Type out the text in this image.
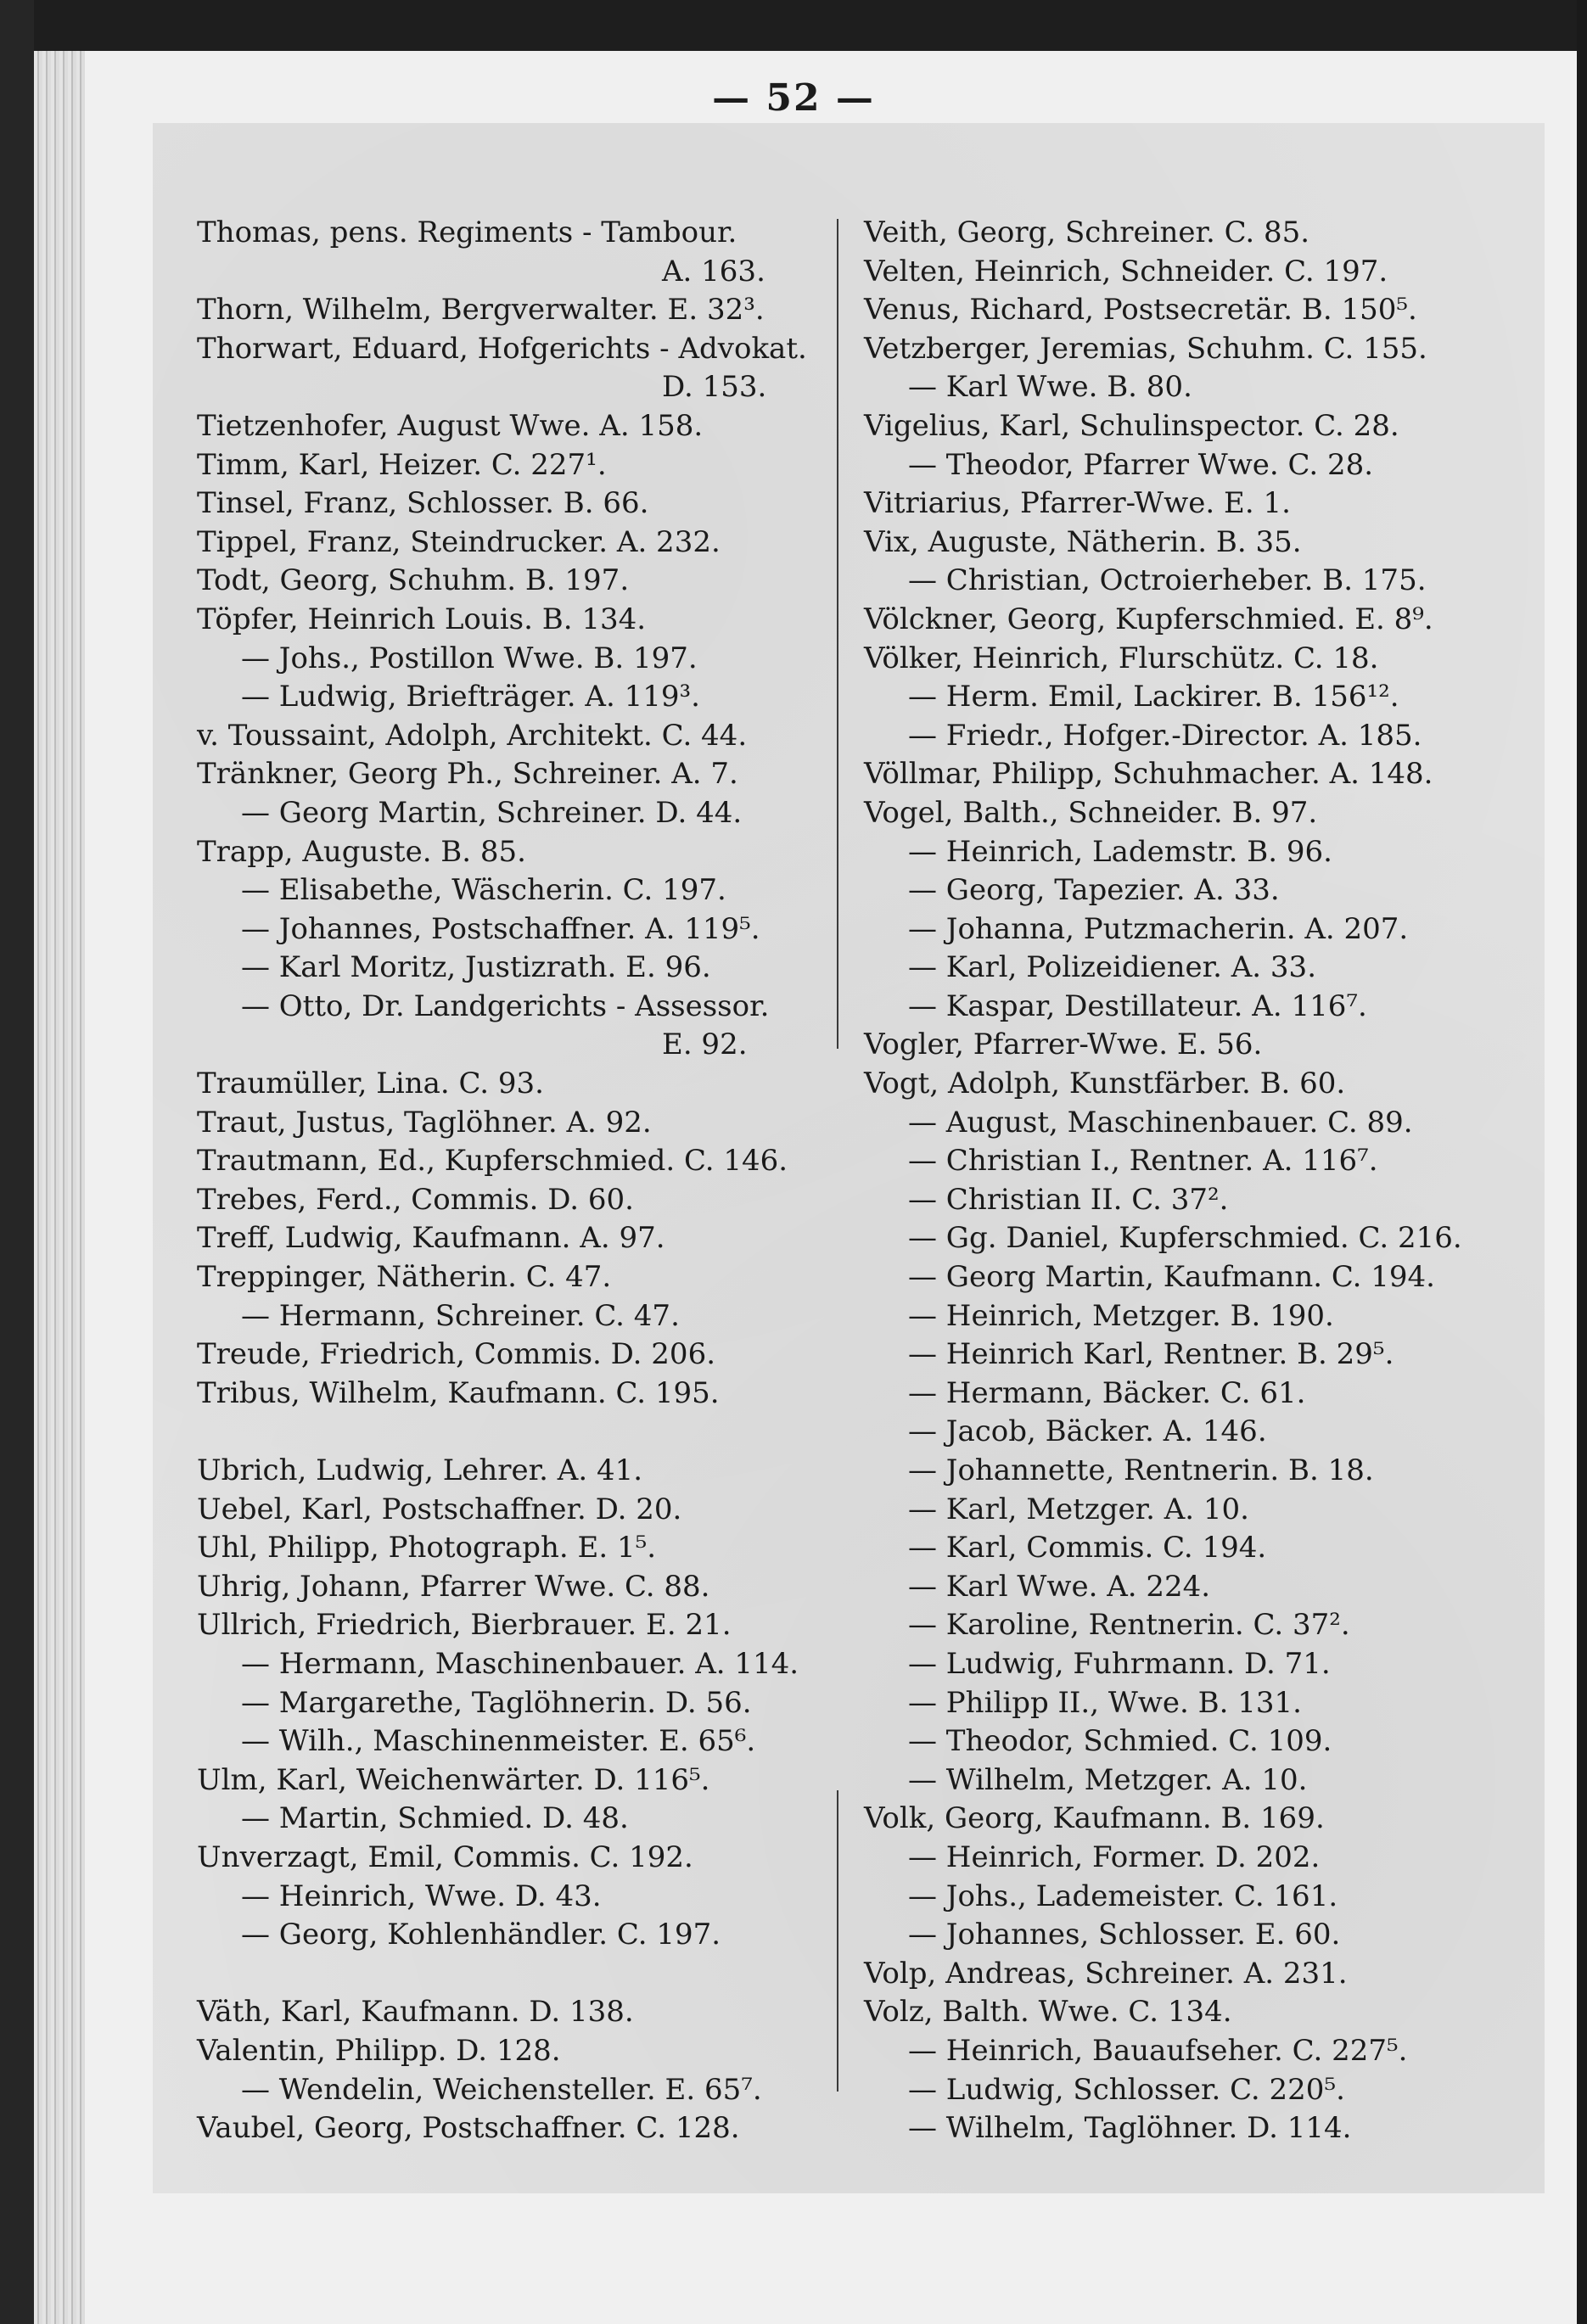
— 52 —
Thomas, pens. Regiments - Tambour.
A. 163.
Thorn, Wilhelm, Bergverwalter. E. 32³.
Thorwart, Eduard, Hofgerichts - Advokat.
D. 153.
Tietzenhofer, August Wwe. A. 158.
Timm, Karl, Heizer. C. 227¹.
Tinsel, Franz, Schlosser. B. 66.
Tippel, Franz, Steindrucker. A. 232.
Todt, Georg, Schuhm. B. 197.
Töpfer, Heinrich Louis. B. 134.
— Johs., Postillon Wwe. B. 197.
— Ludwig, Briefträger. A. 119³.
v. Toussaint, Adolph, Architekt. C. 44.
Tränkner, Georg Ph., Schreiner. A. 7.
— Georg Martin, Schreiner. D. 44.
Trapp, Auguste. B. 85.
— Elisabethe, Wäscherin. C. 197.
— Johannes, Postschaffner. A. 119⁵.
— Karl Moritz, Justizrath. E. 96.
— Otto, Dr. Landgerichts - Assessor.
E. 92.
Traumüller, Lina. C. 93.
Traut, Justus, Taglöhner. A. 92.
Trautmann, Ed., Kupferschmied. C. 146.
Trebes, Ferd., Commis. D. 60.
Treff, Ludwig, Kaufmann. A. 97.
Treppinger, Nätherin. C. 47.
— Hermann, Schreiner. C. 47.
Treude, Friedrich, Commis. D. 206.
Tribus, Wilhelm, Kaufmann. C. 195.
Ubrich, Ludwig, Lehrer. A. 41.
Uebel, Karl, Postschaffner. D. 20.
Uhl, Philipp, Photograph. E. 1⁵.
Uhrig, Johann, Pfarrer Wwe. C. 88.
Ullrich, Friedrich, Bierbrauer. E. 21.
— Hermann, Maschinenbauer. A. 114.
— Margarethe, Taglöhnerin. D. 56.
— Wilh., Maschinenmeister. E. 65⁶.
Ulm, Karl, Weichenwärter. D. 116⁵.
— Martin, Schmied. D. 48.
Unverzagt, Emil, Commis. C. 192.
— Heinrich, Wwe. D. 43.
— Georg, Kohlenhändler. C. 197.
Väth, Karl, Kaufmann. D. 138.
Valentin, Philipp. D. 128.
— Wendelin, Weichensteller. E. 65⁷.
Vaubel, Georg, Postschaffner. C. 128.
Veith, Georg, Schreiner. C. 85.
Velten, Heinrich, Schneider. C. 197.
Venus, Richard, Postsecretär. B. 150⁵.
Vetzberger, Jeremias, Schuhm. C. 155.
— Karl Wwe. B. 80.
Vigelius, Karl, Schulinspector. C. 28.
— Theodor, Pfarrer Wwe. C. 28.
Vitriarius, Pfarrer-Wwe. E. 1.
Vix, Auguste, Nätherin. B. 35.
— Christian, Octroierheber. B. 175.
Völckner, Georg, Kupferschmied. E. 8⁹.
Völker, Heinrich, Flurschütz. C. 18.
— Herm. Emil, Lackirer. B. 156¹².
— Friedr., Hofger.-Director. A. 185.
Völlmar, Philipp, Schuhmacher. A. 148.
Vogel, Balth., Schneider. B. 97.
— Heinrich, Lademstr. B. 96.
— Georg, Tapezier. A. 33.
— Johanna, Putzmacherin. A. 207.
— Karl, Polizeidiener. A. 33.
— Kaspar, Destillateur. A. 116⁷.
Vogler, Pfarrer-Wwe. E. 56.
Vogt, Adolph, Kunstfärber. B. 60.
— August, Maschinenbauer. C. 89.
— Christian I., Rentner. A. 116⁷.
— Christian II. C. 37².
— Gg. Daniel, Kupferschmied. C. 216.
— Georg Martin, Kaufmann. C. 194.
— Heinrich, Metzger. B. 190.
— Heinrich Karl, Rentner. B. 29⁵.
— Hermann, Bäcker. C. 61.
— Jacob, Bäcker. A. 146.
— Johannette, Rentnerin. B. 18.
— Karl, Metzger. A. 10.
— Karl, Commis. C. 194.
— Karl Wwe. A. 224.
— Karoline, Rentnerin. C. 37².
— Ludwig, Fuhrmann. D. 71.
— Philipp II., Wwe. B. 131.
— Theodor, Schmied. C. 109.
— Wilhelm, Metzger. A. 10.
Volk, Georg, Kaufmann. B. 169.
— Heinrich, Former. D. 202.
— Johs., Lademeister. C. 161.
— Johannes, Schlosser. E. 60.
Volp, Andreas, Schreiner. A. 231.
Volz, Balth. Wwe. C. 134.
— Heinrich, Bauaufseher. C. 227⁵.
— Ludwig, Schlosser. C. 220⁵.
— Wilhelm, Taglöhner. D. 114.
